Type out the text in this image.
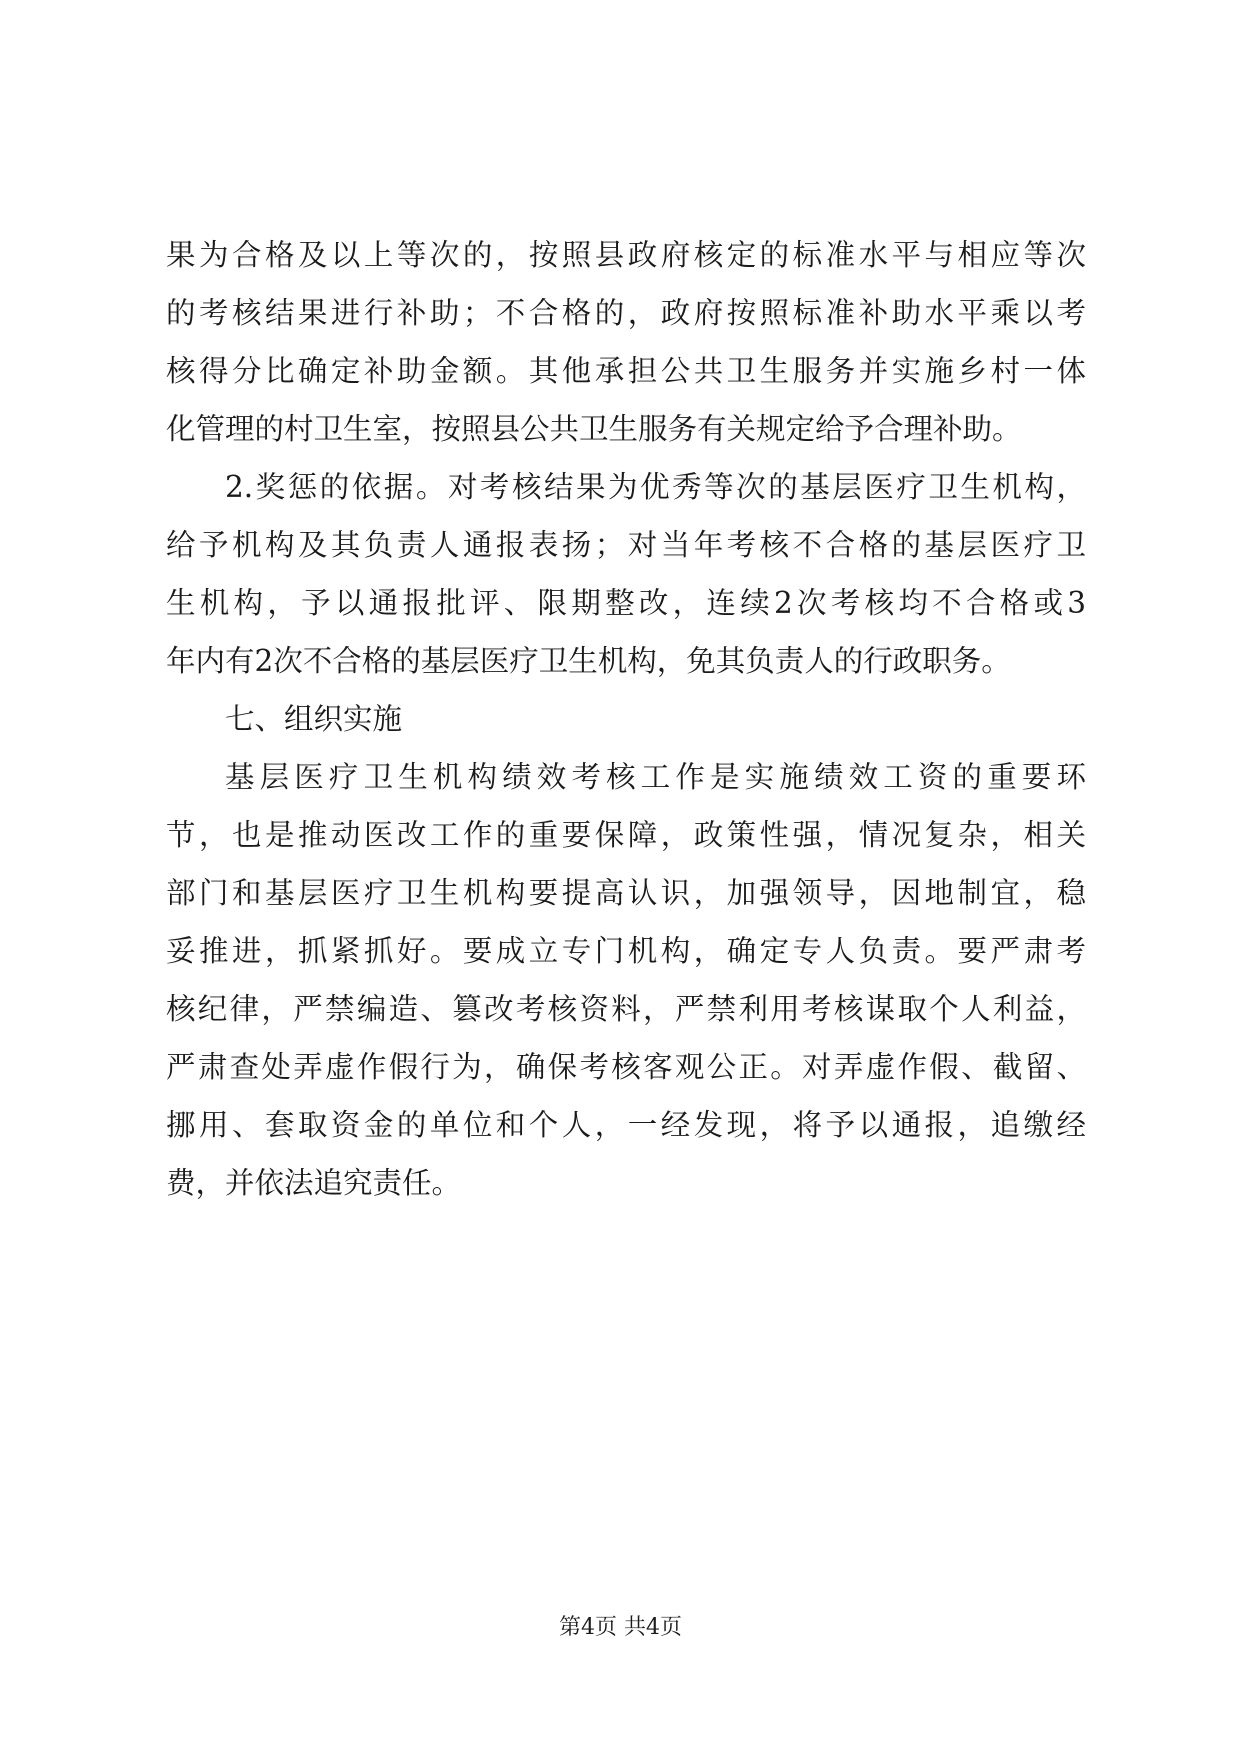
果为合格及以上等次的，按照县政府核定的标准水平与相应等次
的考核结果进行补助；不合格的，政府按照标准补助水平乘以考
核得分比确定补助金额。其他承担公共卫生服务并实施乡村一体
化管理的村卫生室，按照县公共卫生服务有关规定给予合理补助。
2.奖惩的依据。对考核结果为优秀等次的基层医疗卫生机构，
给予机构及其负责人通报表扬；对当年考核不合格的基层医疗卫
生机构，予以通报批评、限期整改，连续2次考核均不合格或3
年内有2次不合格的基层医疗卫生机构，免其负责人的行政职务。
七、组织实施
基层医疗卫生机构绩效考核工作是实施绩效工资的重要环
节，也是推动医改工作的重要保障，政策性强，情况复杂，相关
部门和基层医疗卫生机构要提高认识，加强领导，因地制宜，稳
妥推进，抓紧抓好。要成立专门机构，确定专人负责。要严肃考
核纪律，严禁编造、篡改考核资料，严禁利用考核谋取个人利益，
严肃查处弄虚作假行为，确保考核客观公正。对弄虚作假、截留、
挪用、套取资金的单位和个人，一经发现，将予以通报，追缴经
费，并依法追究责任。
第4页 共4页
